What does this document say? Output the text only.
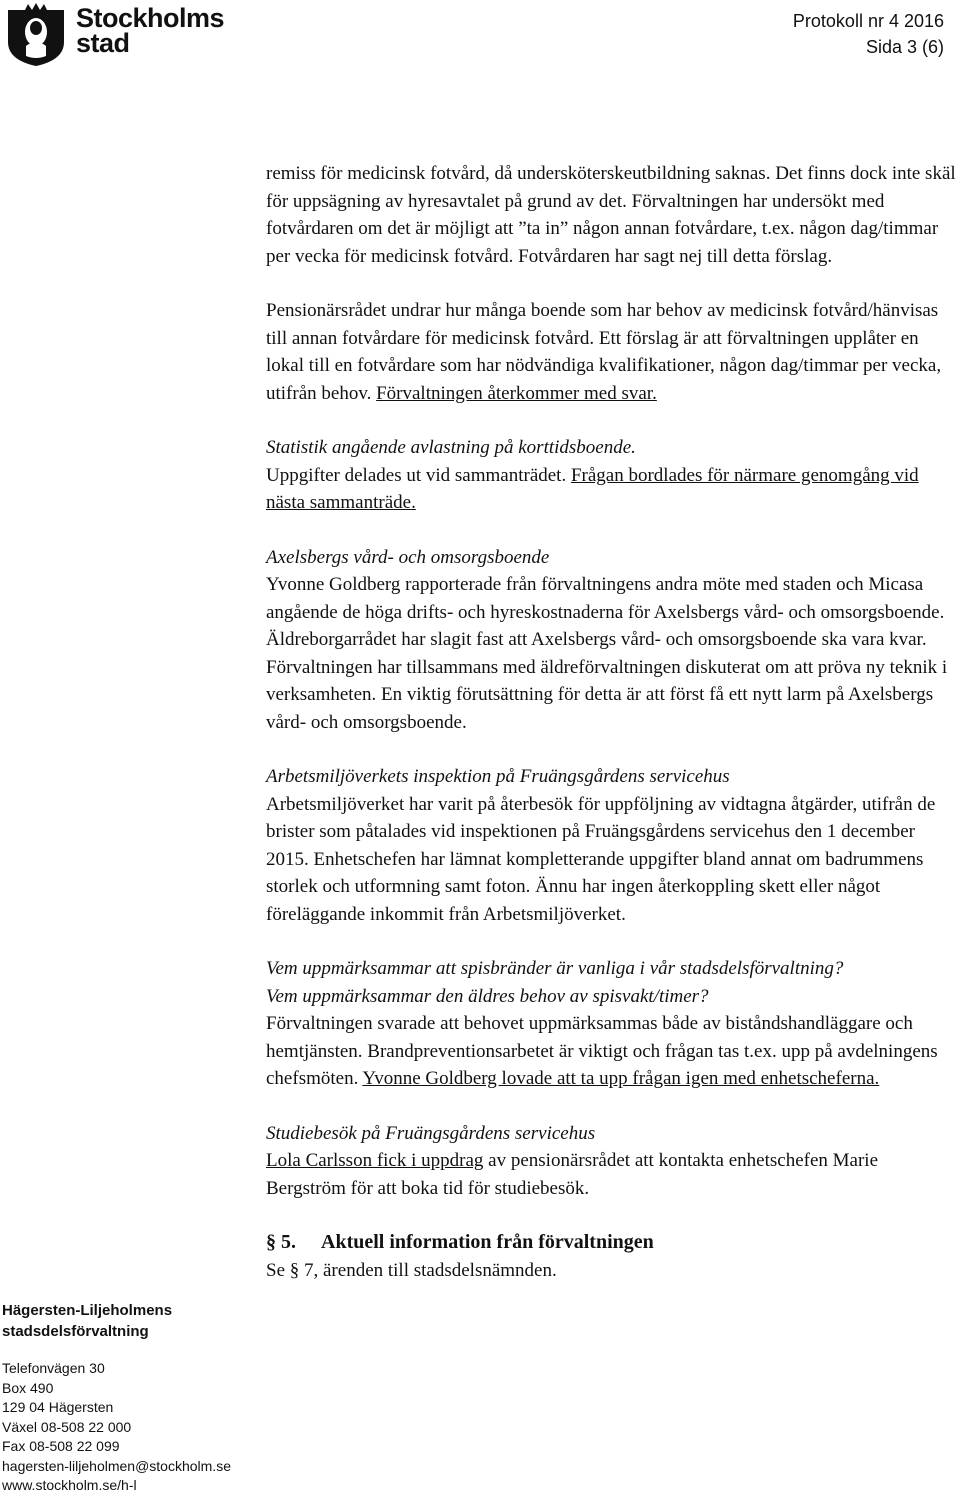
Stockholms
stad
Protokoll nr 4 2016
Sida 3 (6)

remiss för medicinsk fotvård, då undersköterskeutbildning saknas. Det finns dock inte skäl för uppsägning av hyresavtalet på grund av det. Förvaltningen har undersökt med fotvårdaren om det är möjligt att ”ta in” någon annan fotvårdare, t.ex. någon dag/timmar per vecka för medicinsk fotvård. Fotvårdaren har sagt nej till detta förslag.

Pensionärsrådet undrar hur många boende som har behov av medicinsk fotvård/hänvisas till annan fotvårdare för medicinsk fotvård. Ett förslag är att förvaltningen upplåter en lokal till en fotvårdare som har nödvändiga kvalifikationer, någon dag/timmar per vecka, utifrån behov. Förvaltningen återkommer med svar.

Statistik angående avlastning på korttidsboende.

Uppgifter delades ut vid sammanträdet. Frågan bordlades för närmare genomgång vid nästa sammanträde.

Axelsbergs vård- och omsorgsboende

Yvonne Goldberg rapporterade från förvaltningens andra möte med staden och Micasa angående de höga drifts- och hyreskostnaderna för Axelsbergs vård- och omsorgsboende. Äldreborgarrådet har slagit fast att Axelsbergs vård- och omsorgsboende ska vara kvar. Förvaltningen har tillsammans med äldreförvaltningen diskuterat om att pröva ny teknik i verksamheten. En viktig förutsättning för detta är att först få ett nytt larm på Axelsbergs vård- och omsorgsboende.

Arbetsmiljöverkets inspektion på Fruängsgårdens servicehus

Arbetsmiljöverket har varit på återbesök för uppföljning av vidtagna åtgärder, utifrån de brister som påtalades vid inspektionen på Fruängsgårdens servicehus den 1 december 2015. Enhetschefen har lämnat kompletterande uppgifter bland annat om badrummens storlek och utformning samt foton. Ännu har ingen återkoppling skett eller något föreläggande inkommit från Arbetsmiljöverket.

Vem uppmärksammar att spisbränder är vanliga i vår stadsdelsförvaltning?

Vem uppmärksammar den äldres behov av spisvakt/timer?

Förvaltningen svarade att behovet uppmärksammas både av biståndshandläggare och hemtjänsten. Brandpreventionsarbetet är viktigt och frågan tas t.ex. upp på avdelningens chefsmöten. Yvonne Goldberg lovade att ta upp frågan igen med enhetscheferna.

Studiebesök på Fruängsgårdens servicehus

Lola Carlsson fick i uppdrag av pensionärsrådet att kontakta enhetschefen Marie Bergström för att boka tid för studiebesök.

§ 5.	Aktuell information från förvaltningen

Se § 7, ärenden till stadsdelsnämnden.

Hägersten-Liljeholmens
stadsdelsförvaltning
Telefonvägen 30
Box 490
129 04 Hägersten
Växel 08-508 22 000
Fax 08-508 22 099
hagersten-liljeholmen@stockholm.se
www.stockholm.se/h-l
